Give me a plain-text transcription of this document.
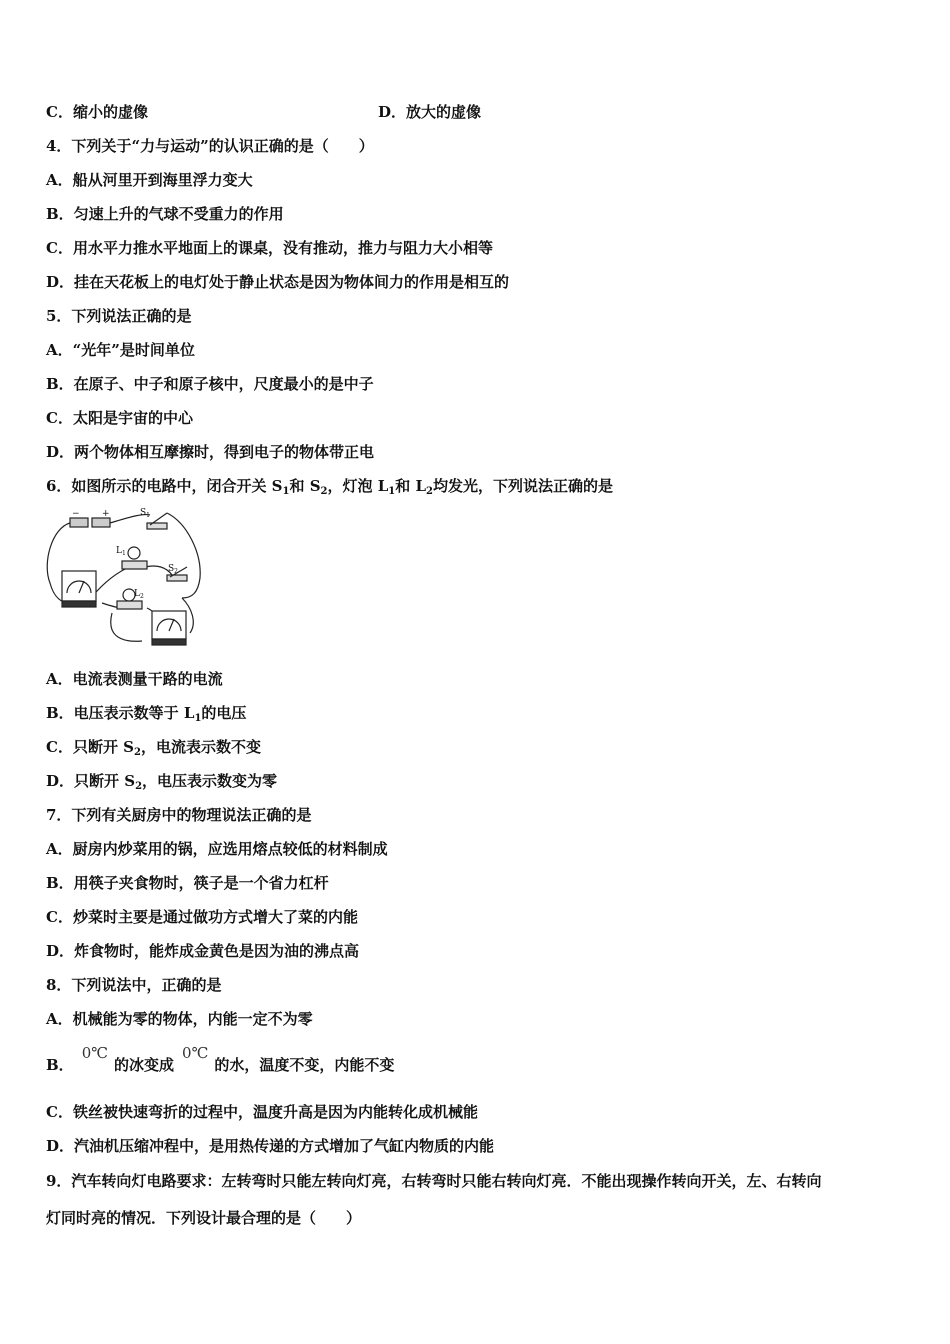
C．缩小的虚像	D．放大的虚像
4．下列关于“力与运动”的认识正确的是（　　）
A．船从河里开到海里浮力变大
B．匀速上升的气球不受重力的作用
C．用水平力推水平地面上的课桌，没有推动，推力与阻力大小相等
D．挂在天花板上的电灯处于静止状态是因为物体间力的作用是相互的
5．下列说法正确的是
A．“光年”是时间单位
B．在原子、中子和原子核中，尺度最小的是中子
C．太阳是宇宙的中心
D．两个物体相互摩擦时，得到电子的物体带正电
6．如图所示的电路中，闭合开关 $S_1$和 $S_2$，灯泡 $L_1$和 $L_2$均发光，下列说法正确的是
− +	$S_1$
$L_1$
$S_2$
$L_2$
A．电流表测量干路的电流
B．电压表示数等于 $L_1$的电压
C．只断开 $S_2$，电流表示数不变
D．只断开 $S_2$，电压表示数变为零
7．下列有关厨房中的物理说法正确的是
A．厨房内炒菜用的锅，应选用熔点较低的材料制成
B．用筷子夹食物时，筷子是一个省力杠杆
C．炒菜时主要是通过做功方式增大了菜的内能
D．炸食物时，能炸成金黄色是因为油的沸点高
8．下列说法中，正确的是
A．机械能为零的物体，内能一定不为零
B．0℃的冰变成0℃的水，温度不变，内能不变
C．铁丝被快速弯折的过程中，温度升高是因为内能转化成机械能
D．汽油机压缩冲程中，是用热传递的方式增加了气缸内物质的内能
9．汽车转向灯电路要求：左转弯时只能左转向灯亮，右转弯时只能右转向灯亮．不能出现操作转向开关，左、右转向
灯同时亮的情况．下列设计最合理的是（　　）
